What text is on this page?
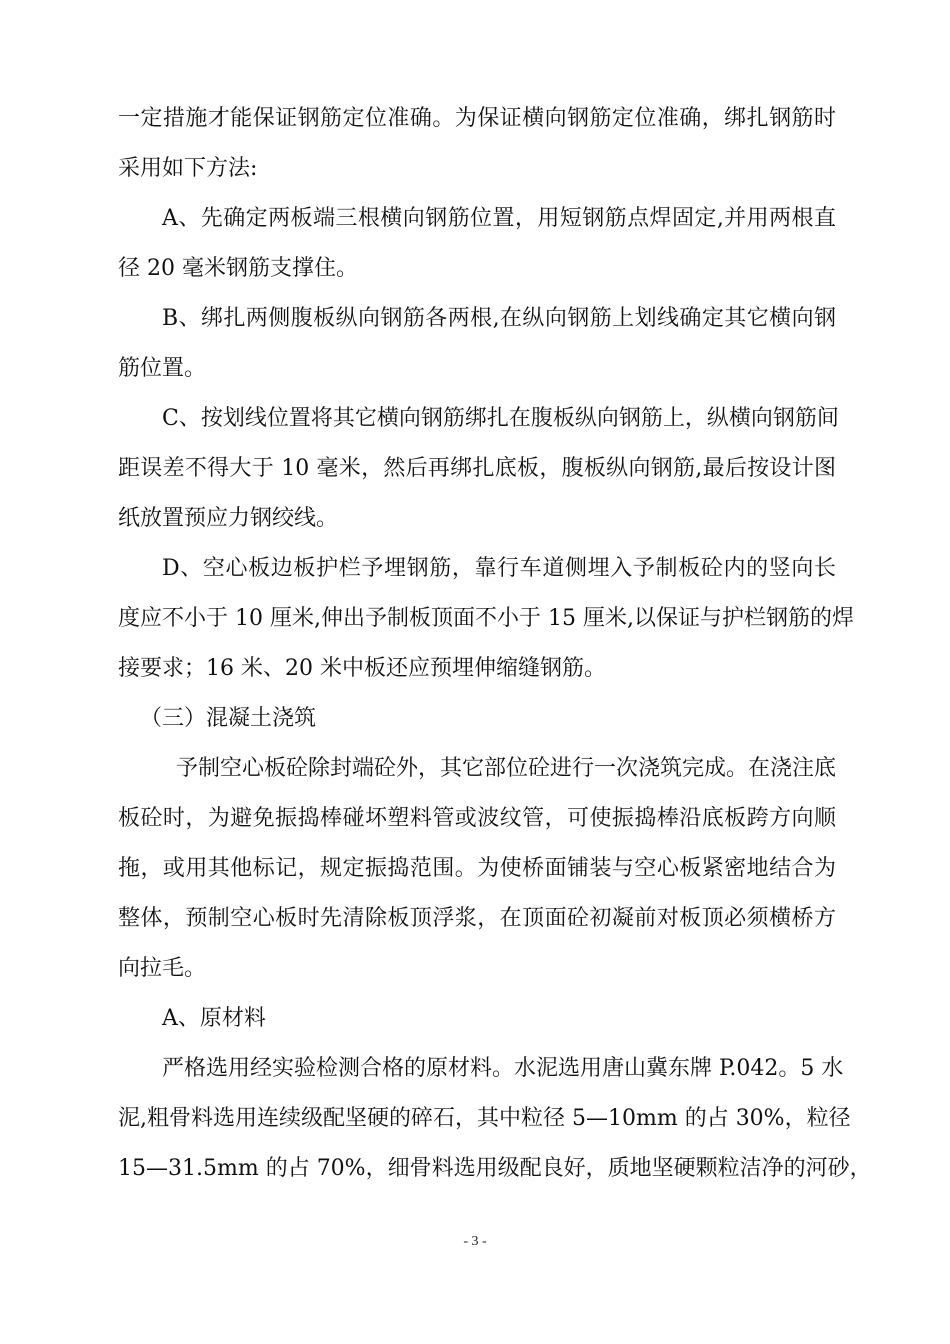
一定措施才能保证钢筋定位准确。为保证横向钢筋定位准确，绑扎钢筋时
采用如下方法:
A、先确定两板端三根横向钢筋位置，用短钢筋点焊固定,并用两根直
径 20 毫米钢筋支撑住。
B、绑扎两侧腹板纵向钢筋各两根,在纵向钢筋上划线确定其它横向钢
筋位置。
C、按划线位置将其它横向钢筋绑扎在腹板纵向钢筋上，纵横向钢筋间
距误差不得大于 10 毫米，然后再绑扎底板，腹板纵向钢筋,最后按设计图
纸放置预应力钢绞线。
D、空心板边板护栏予埋钢筋，靠行车道侧埋入予制板砼内的竖向长
度应不小于 10 厘米,伸出予制板顶面不小于 15 厘米,以保证与护栏钢筋的焊
接要求；16 米、20 米中板还应预埋伸缩缝钢筋。
（三）混凝土浇筑
予制空心板砼除封端砼外，其它部位砼进行一次浇筑完成。在浇注底
板砼时，为避免振捣棒碰坏塑料管或波纹管，可使振捣棒沿底板跨方向顺
拖，或用其他标记，规定振捣范围。为使桥面铺装与空心板紧密地结合为
整体，预制空心板时先清除板顶浮浆，在顶面砼初凝前对板顶必须横桥方
向拉毛。
A、原材料
严格选用经实验检测合格的原材料。水泥选用唐山冀东牌 P.042。5 水
泥,粗骨料选用连续级配坚硬的碎石，其中粒径 5—10mm 的占 30%，粒径
15—31.5mm 的占 70%，细骨料选用级配良好，质地坚硬颗粒洁净的河砂，
- 3 -
